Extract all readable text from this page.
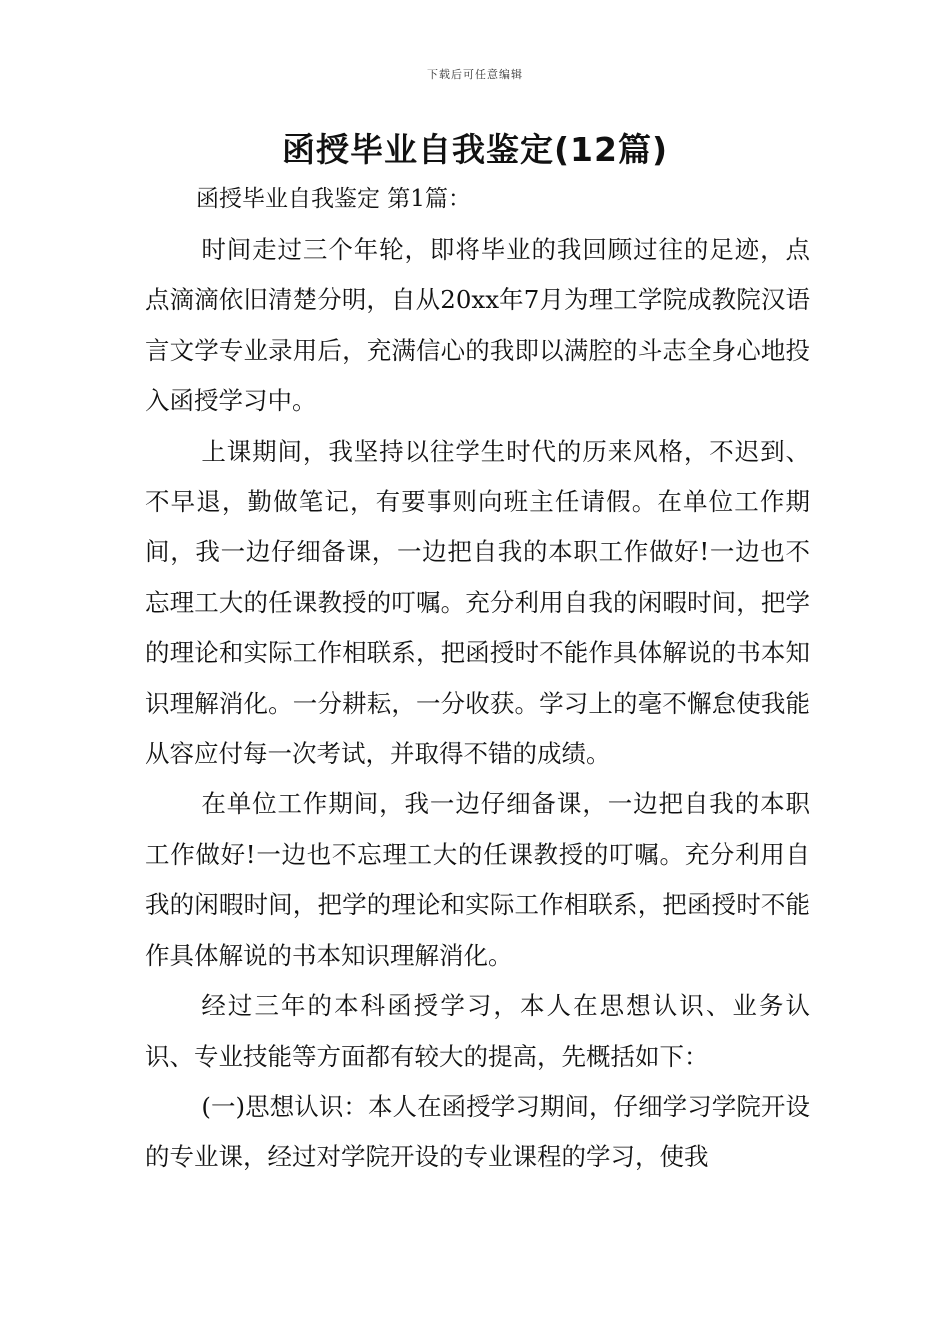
下载后可任意编辑
函授毕业自我鉴定(12篇)
函授毕业自我鉴定 第1篇：

时间走过三个年轮，即将毕业的我回顾过往的足迹，点点滴滴依旧清楚分明，自从20xx年7月为理工学院成教院汉语言文学专业录用后，充满信心的我即以满腔的斗志全身心地投入函授学习中。

上课期间，我坚持以往学生时代的历来风格，不迟到、不早退，勤做笔记，有要事则向班主任请假。在单位工作期间，我一边仔细备课，一边把自我的本职工作做好!一边也不忘理工大的任课教授的叮嘱。充分利用自我的闲暇时间，把学的理论和实际工作相联系，把函授时不能作具体解说的书本知识理解消化。一分耕耘，一分收获。学习上的毫不懈怠使我能从容应付每一次考试，并取得不错的成绩。

在单位工作期间，我一边仔细备课，一边把自我的本职工作做好!一边也不忘理工大的任课教授的叮嘱。充分利用自我的闲暇时间，把学的理论和实际工作相联系，把函授时不能作具体解说的书本知识理解消化。

经过三年的本科函授学习，本人在思想认识、业务认识、专业技能等方面都有较大的提高，先概括如下：

(一)思想认识：本人在函授学习期间，仔细学习学院开设的专业课，经过对学院开设的专业课程的学习，使我
